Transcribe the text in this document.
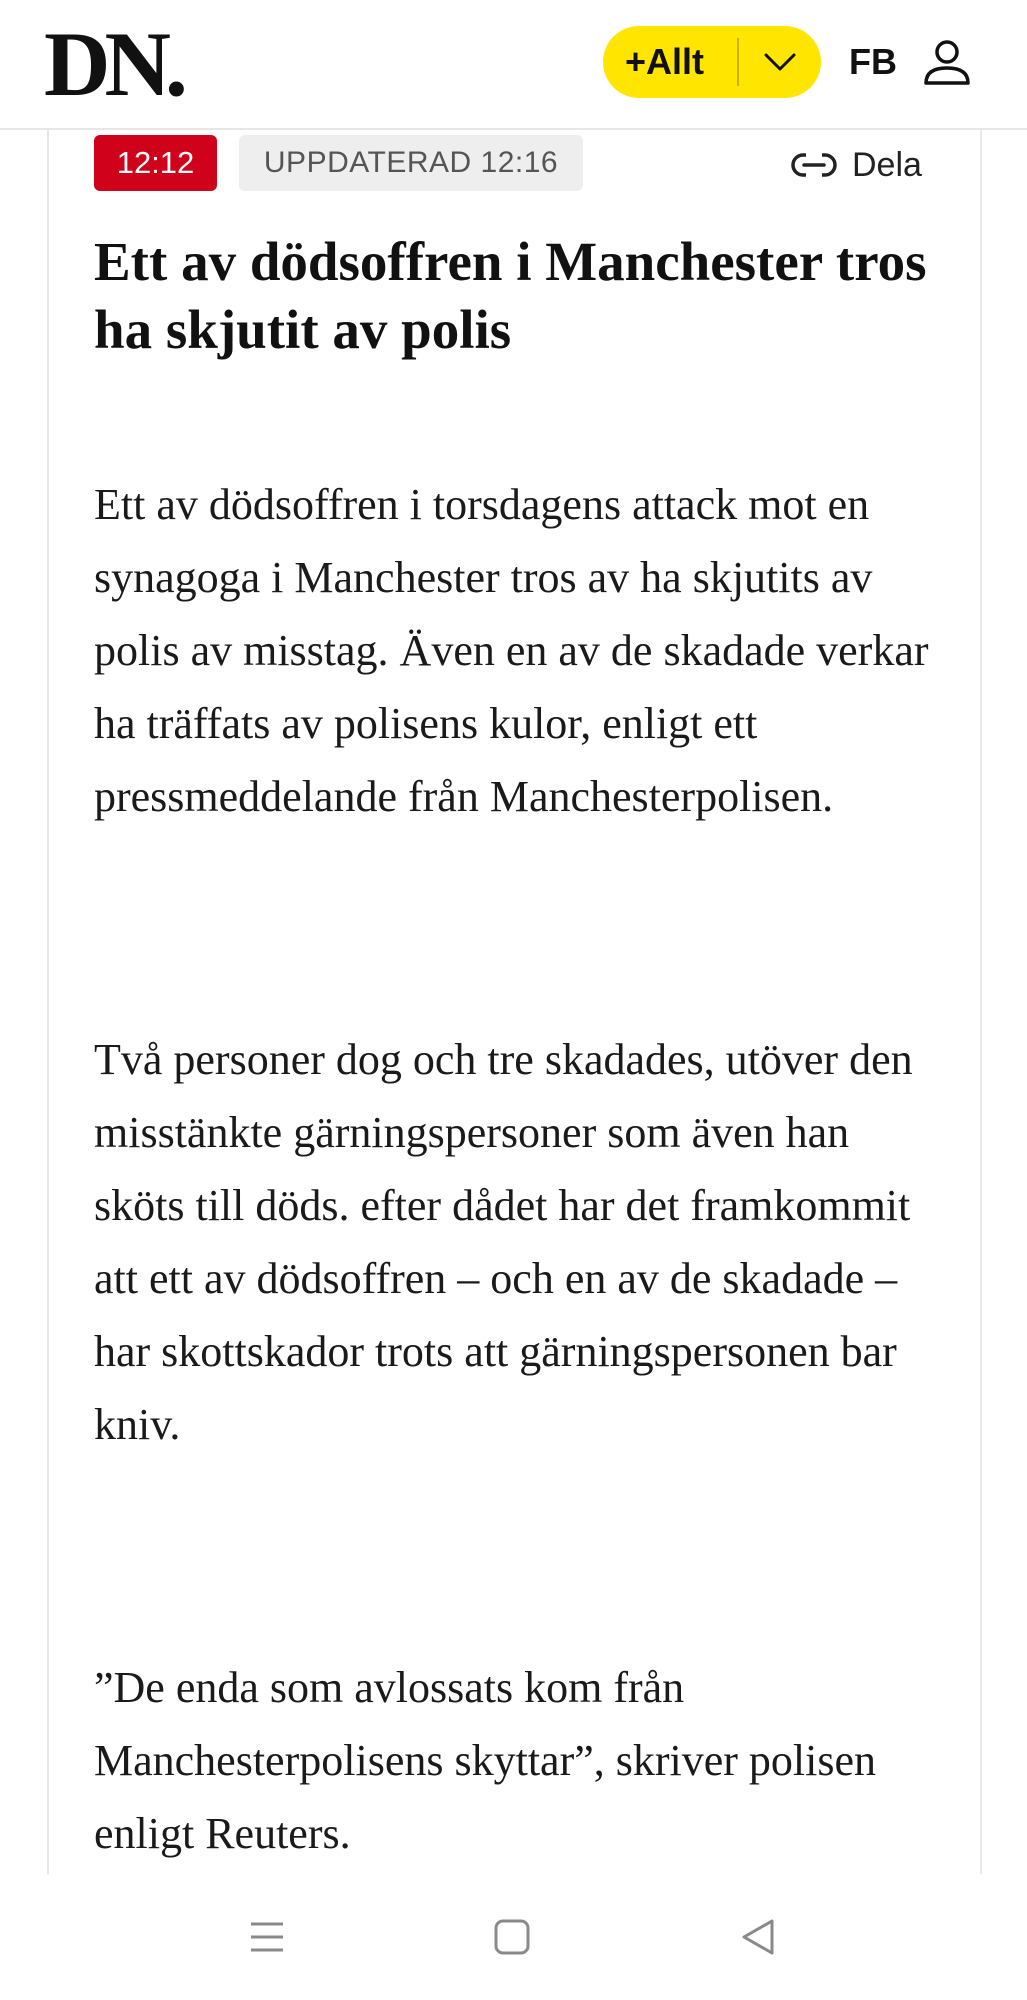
DN.	+Allt	FB
12:12	UPPDATERAD 12:16	Dela
Ett av dödsoffren i Manchester tros ha skjutit av polis

Ett av dödsoffren i torsdagens attack mot en synagoga i Manchester tros av ha skjutits av polis av misstag. Även en av de skadade verkar ha träffats av polisens kulor, enligt ett pressmeddelande från Manchesterpolisen.

Två personer dog och tre skadades, utöver den misstänkte gärningspersoner som även han sköts till döds. efter dådet har det framkommit att ett av dödsoffren – och en av de skadade – har skottskador trots att gärningspersonen bar kniv.

”De enda som avlossats kom från Manchesterpolisens skyttar”, skriver polisen enligt Reuters.
